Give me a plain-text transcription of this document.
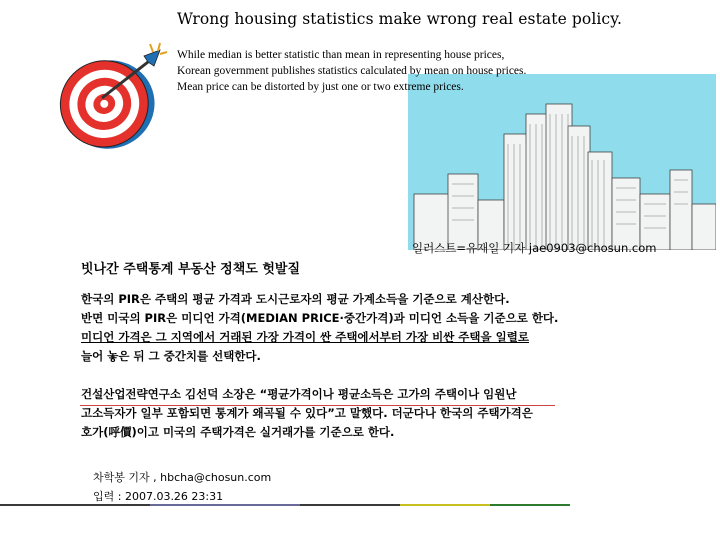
Wrong housing statistics make wrong real estate policy.
While median is better statistic than mean in representing house prices,
Korean government publishes statistics calculated by mean on house prices.
Mean price can be distorted by just one or two extreme prices.
일러스트=유재일 기자 jae0903@chosun.com
빗나간 주택통계 부동산 정책도 헛발질
한국의 PIR은 주택의 평균 가격과 도시근로자의 평균 가계소득을 기준으로 계산한다.
반면 미국의 PIR은 미디언 가격(MEDIAN PRICE·중간가격)과 미디언 소득을 기준으로 한다.
미디언 가격은 그 지역에서 거래된 가장 가격이 싼 주택에서부터 가장 비싼 주택을 일렬로
늘어 놓은 뒤 그 중간치를 선택한다.
건설산업전략연구소 김선덕 소장은 “평균가격이나 평균소득은 고가의 주택이나 임원난
고소득자가 일부 포함되면 통계가 왜곡될 수 있다”고 말했다. 더군다나 한국의 주택가격은
호가(呼價)이고 미국의 주택가격은 실거래가를 기준으로 한다.
차학봉 기자 , hbcha@chosun.com
입력 : 2007.03.26 23:31
